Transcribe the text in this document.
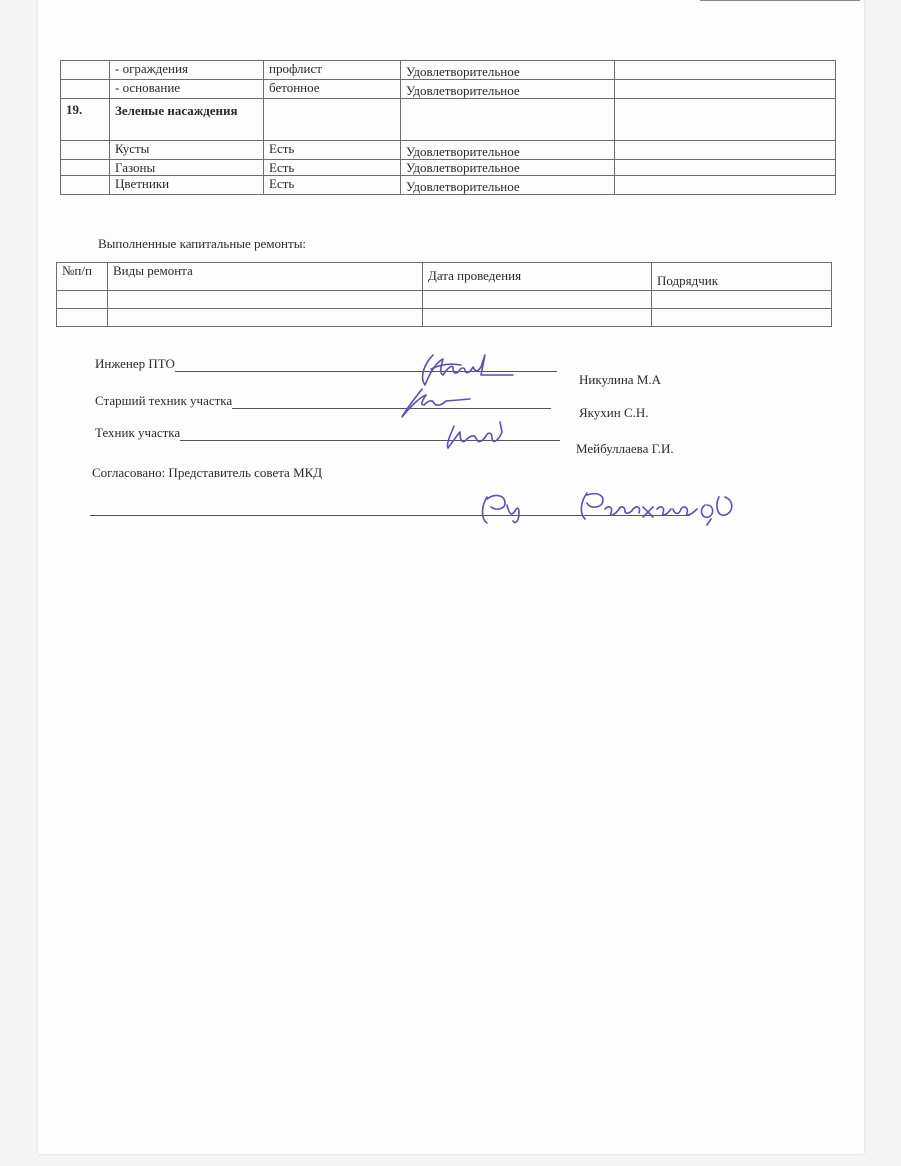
	- ограждения	профлист	Удовлетворительное	
	- основание	бетонное	Удовлетворительное	
19.	Зеленые насаждения			
	Кусты	Есть	Удовлетворительное	
	Газоны	Есть	Удовлетворительное	
	Цветники	Есть	Удовлетворительное	
Выполненные капитальные ремонты:
№п/п	Виды ремонта	Дата проведения	Подрядчик

Инженер ПТО
Никулина М.А
Старший техник участка
Якухин С.Н.
Техник участка
Мейбуллаева Г.И.
Согласовано: Представитель совета МКД
